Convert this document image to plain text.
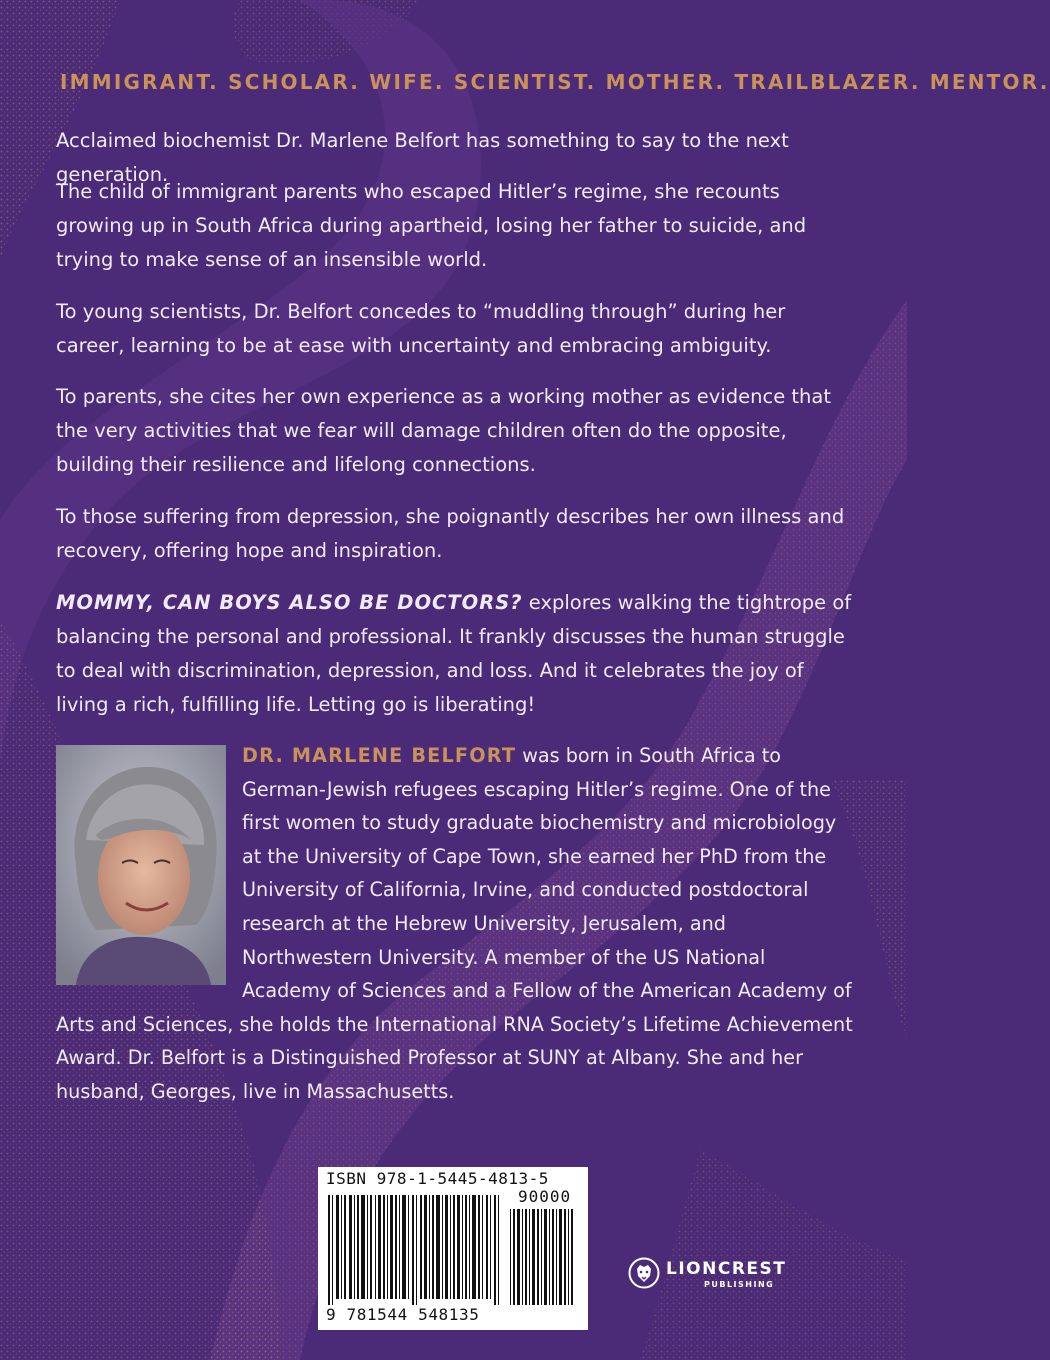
IMMIGRANT. SCHOLAR. WIFE. SCIENTIST. MOTHER. TRAILBLAZER. MENTOR.

Acclaimed biochemist Dr. Marlene Belfort has something to say to the next generation.

The child of immigrant parents who escaped Hitler’s regime, she recounts growing up in South Africa during apartheid, losing her father to suicide, and trying to make sense of an insensible world.

To young scientists, Dr. Belfort concedes to “muddling through” during her career, learning to be at ease with uncertainty and embracing ambiguity.

To parents, she cites her own experience as a working mother as evidence that the very activities that we fear will damage children often do the opposite, building their resilience and lifelong connections.

To those suffering from depression, she poignantly describes her own illness and recovery, offering hope and inspiration.

MOMMY, CAN BOYS ALSO BE DOCTORS? explores walking the tightrope of balancing the personal and professional. It frankly discusses the human struggle to deal with discrimination, depression, and loss. And it celebrates the joy of living a rich, fulfilling life. Letting go is liberating!

DR. MARLENE BELFORT was born in South Africa to German-Jewish refugees escaping Hitler’s regime. One of the first women to study graduate biochemistry and microbiology at the University of Cape Town, she earned her PhD from the University of California, Irvine, and conducted postdoctoral research at the Hebrew University, Jerusalem, and Northwestern University. A member of the US National Academy of Sciences and a Fellow of the American Academy of Arts and Sciences, she holds the International RNA Society’s Lifetime Achievement Award. Dr. Belfort is a Distinguished Professor at SUNY at Albany. She and her husband, Georges, live in Massachusetts.
ISBN 978-1-5445-4813-5
90000
9 781544 548135
LIONCREST
PUBLISHING
